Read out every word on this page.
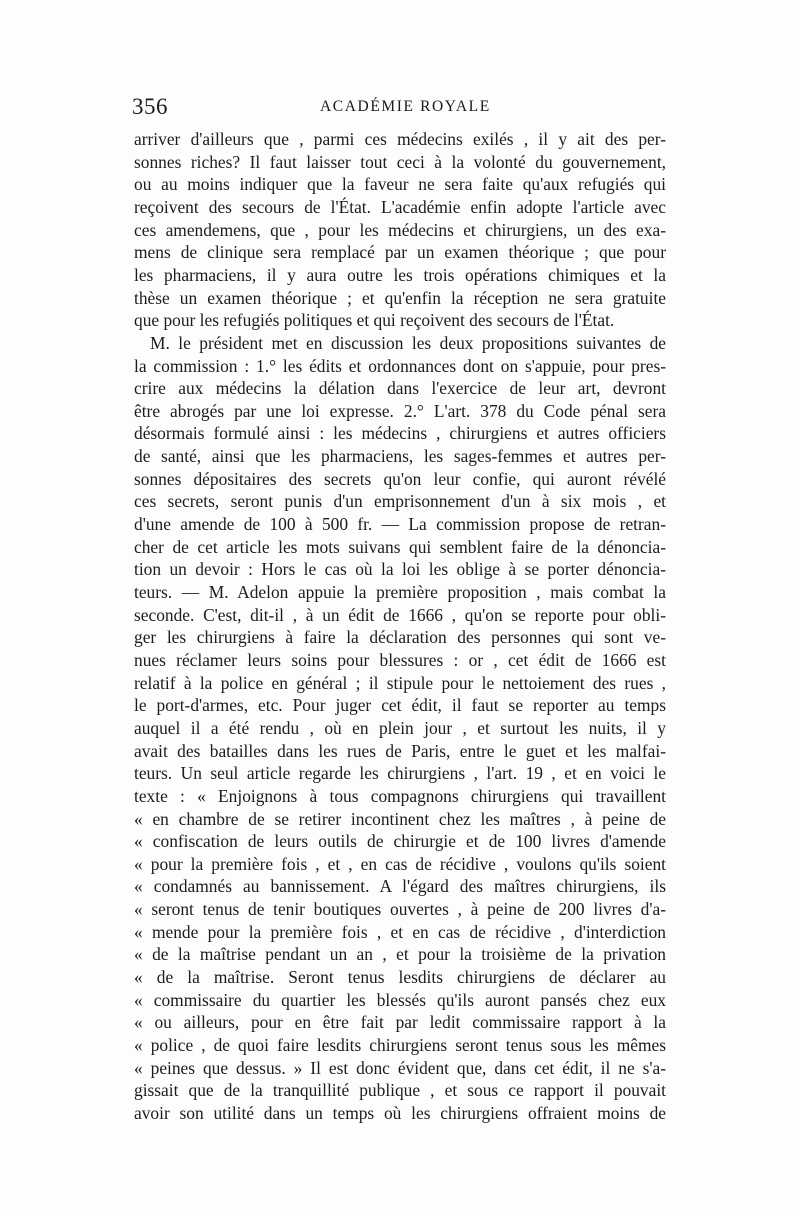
356	ACADÉMIE ROYALE
arriver d'ailleurs que , parmi ces médecins exilés , il y ait des per-
sonnes riches? Il faut laisser tout ceci à la volonté du gouvernement,
ou au moins indiquer que la faveur ne sera faite qu'aux refugiés qui
reçoivent des secours de l'État. L'académie enfin adopte l'article avec
ces amendemens, que , pour les médecins et chirurgiens, un des exa-
mens de clinique sera remplacé par un examen théorique ; que pour
les pharmaciens, il y aura outre les trois opérations chimiques et la
thèse un examen théorique ; et qu'enfin la réception ne sera gratuite
que pour les refugiés politiques et qui reçoivent des secours de l'État.
M. le président met en discussion les deux propositions suivantes de
la commission : 1.° les édits et ordonnances dont on s'appuie, pour pres-
crire aux médecins la délation dans l'exercice de leur art, devront
être abrogés par une loi expresse. 2.° L'art. 378 du Code pénal sera
désormais formulé ainsi : les médecins , chirurgiens et autres officiers
de santé, ainsi que les pharmaciens, les sages-femmes et autres per-
sonnes dépositaires des secrets qu'on leur confie, qui auront révélé
ces secrets, seront punis d'un emprisonnement d'un à six mois , et
d'une amende de 100 à 500 fr. — La commission propose de retran-
cher de cet article les mots suivans qui semblent faire de la dénoncia-
tion un devoir : Hors le cas où la loi les oblige à se porter dénoncia-
teurs. — M. Adelon appuie la première proposition , mais combat la
seconde. C'est, dit-il , à un édit de 1666 , qu'on se reporte pour obli-
ger les chirurgiens à faire la déclaration des personnes qui sont ve-
nues réclamer leurs soins pour blessures : or , cet édit de 1666 est
relatif à la police en général ; il stipule pour le nettoiement des rues ,
le port-d'armes, etc. Pour juger cet édit, il faut se reporter au temps
auquel il a été rendu , où en plein jour , et surtout les nuits, il y
avait des batailles dans les rues de Paris, entre le guet et les malfai-
teurs. Un seul article regarde les chirurgiens , l'art. 19 , et en voici le
texte : « Enjoignons à tous compagnons chirurgiens qui travaillent
« en chambre de se retirer incontinent chez les maîtres , à peine de
« confiscation de leurs outils de chirurgie et de 100 livres d'amende
« pour la première fois , et , en cas de récidive , voulons qu'ils soient
« condamnés au bannissement. A l'égard des maîtres chirurgiens, ils
« seront tenus de tenir boutiques ouvertes , à peine de 200 livres d'a-
« mende pour la première fois , et en cas de récidive , d'interdiction
« de la maîtrise pendant un an , et pour la troisième de la privation
« de la maîtrise. Seront tenus lesdits chirurgiens de déclarer au
« commissaire du quartier les blessés qu'ils auront pansés chez eux
« ou ailleurs, pour en être fait par ledit commissaire rapport à la
« police , de quoi faire lesdits chirurgiens seront tenus sous les mêmes
« peines que dessus. » Il est donc évident que, dans cet édit, il ne s'a-
gissait que de la tranquillité publique , et sous ce rapport il pouvait
avoir son utilité dans un temps où les chirurgiens offraient moins de
